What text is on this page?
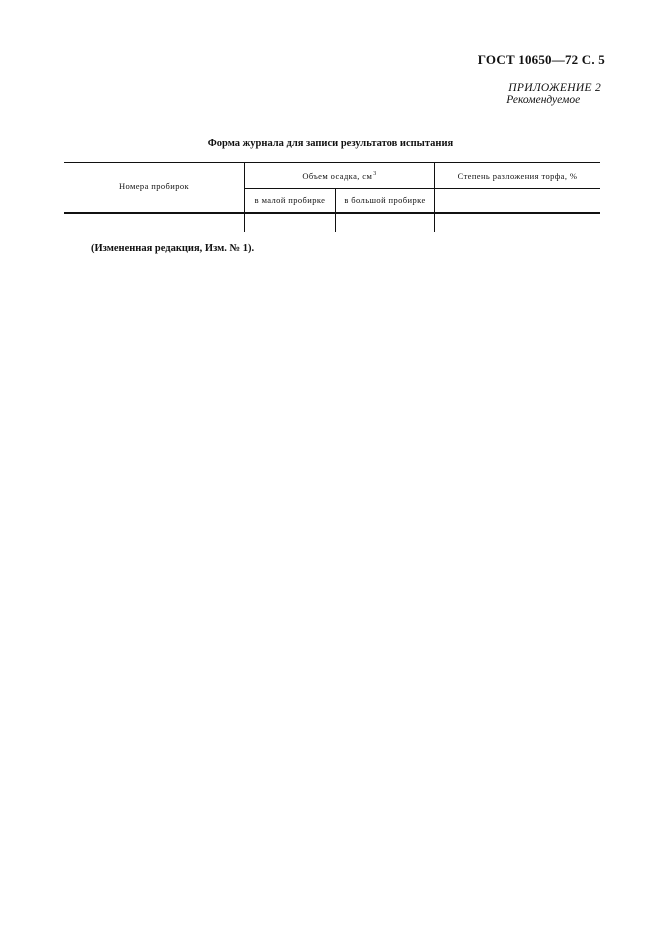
ГОСТ 10650—72 С. 5
ПРИЛОЖЕНИЕ 2
Рекомендуемое
Форма журнала для записи результатов испытания
Номера пробирок
Объем осадка, $см^3$	Степень разложения торфа, %
в малой пробирке	в большой пробирке
(Измененная редакция, Изм. № 1).
